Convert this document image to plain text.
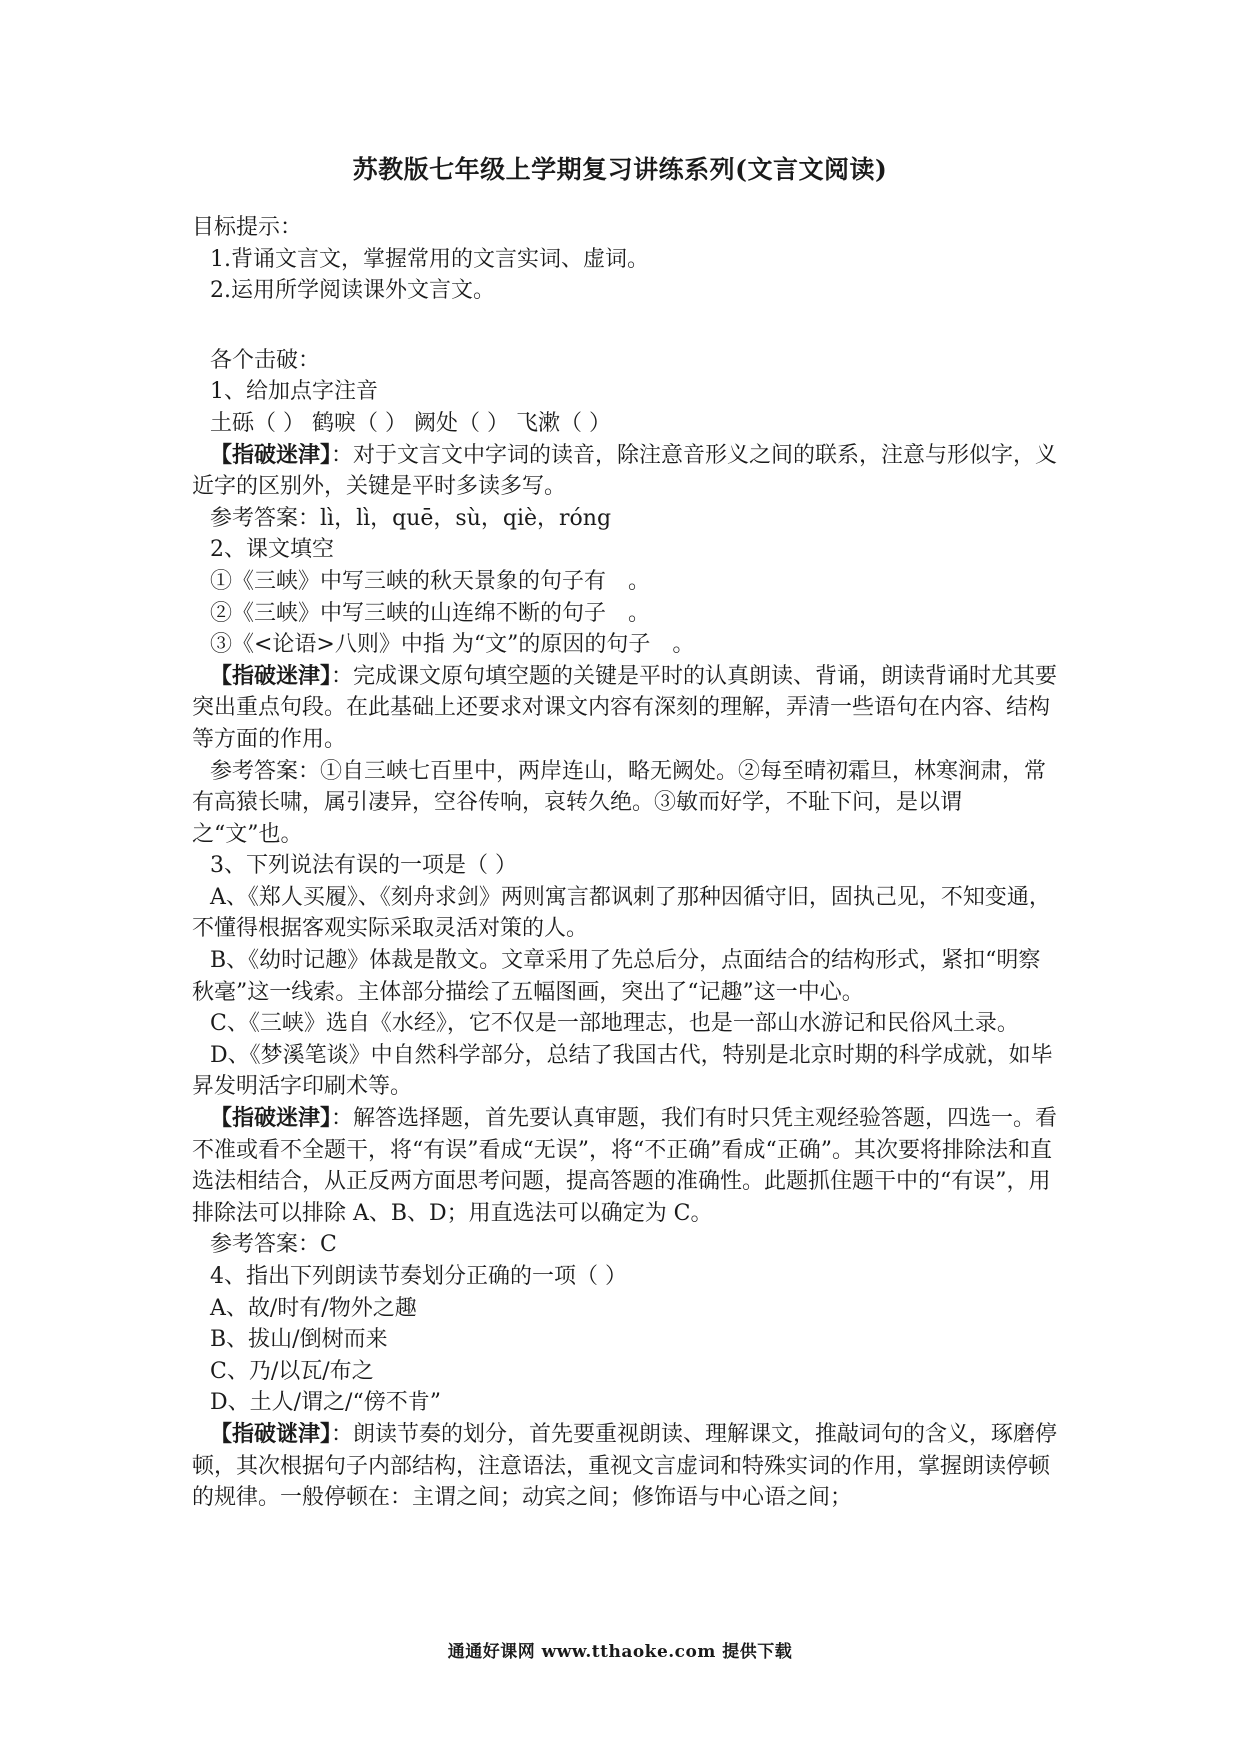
苏教版七年级上学期复习讲练系列(文言文阅读)

目标提示：

1.背诵文言文，掌握常用的文言实词、虚词。

2.运用所学阅读课外文言文。

各个击破：

1、给加点字注音

土砾（ ） 鹤唳（ ） 阙处（ ） 飞漱（ ）

【指破迷津】：对于文言文中字词的读音，除注意音形义之间的联系，注意与形似字，义近字的区别外，关键是平时多读多写。

参考答案：lì，lì，quē，sù，qiè，róng

2、课文填空

①《三峡》中写三峡的秋天景象的句子有　。

②《三峡》中写三峡的山连绵不断的句子　。

③《<论语>八则》中指 为“文”的原因的句子　。

【指破迷津】：完成课文原句填空题的关键是平时的认真朗读、背诵，朗读背诵时尤其要突出重点句段。在此基础上还要求对课文内容有深刻的理解，弄清一些语句在内容、结构等方面的作用。

参考答案：①自三峡七百里中，两岸连山，略无阙处。②每至晴初霜旦，林寒涧肃，常有高猿长啸，属引凄异，空谷传响，哀转久绝。③敏而好学，不耻下问，是以谓之“文”也。

3、下列说法有误的一项是（ ）

A、《郑人买履》、《刻舟求剑》两则寓言都讽刺了那种因循守旧，固执己见，不知变通，不懂得根据客观实际采取灵活对策的人。

B、《幼时记趣》体裁是散文。文章采用了先总后分，点面结合的结构形式，紧扣“明察秋毫”这一线索。主体部分描绘了五幅图画，突出了“记趣”这一中心。

C、《三峡》选自《水经》，它不仅是一部地理志，也是一部山水游记和民俗风土录。

D、《梦溪笔谈》中自然科学部分，总结了我国古代，特别是北京时期的科学成就，如毕昇发明活字印刷术等。

【指破迷津】：解答选择题，首先要认真审题，我们有时只凭主观经验答题，四选一。看不准或看不全题干，将“有误”看成“无误”，将“不正确”看成“正确”。其次要将排除法和直选法相结合，从正反两方面思考问题，提高答题的准确性。此题抓住题干中的“有误”，用排除法可以排除 A、B、D；用直选法可以确定为 C。

参考答案：C

4、指出下列朗读节奏划分正确的一项（ ）

A、故/时有/物外之趣

B、拔山/倒树而来

C、乃/以瓦/布之

D、土人/谓之/“傍不肯”

【指破谜津】：朗读节奏的划分，首先要重视朗读、理解课文，推敲词句的含义，琢磨停顿，其次根据句子内部结构，注意语法，重视文言虚词和特殊实词的作用，掌握朗读停顿的规律。一般停顿在：主谓之间；动宾之间；修饰语与中心语之间；

通通好课网 www.tthaoke.com 提供下载
